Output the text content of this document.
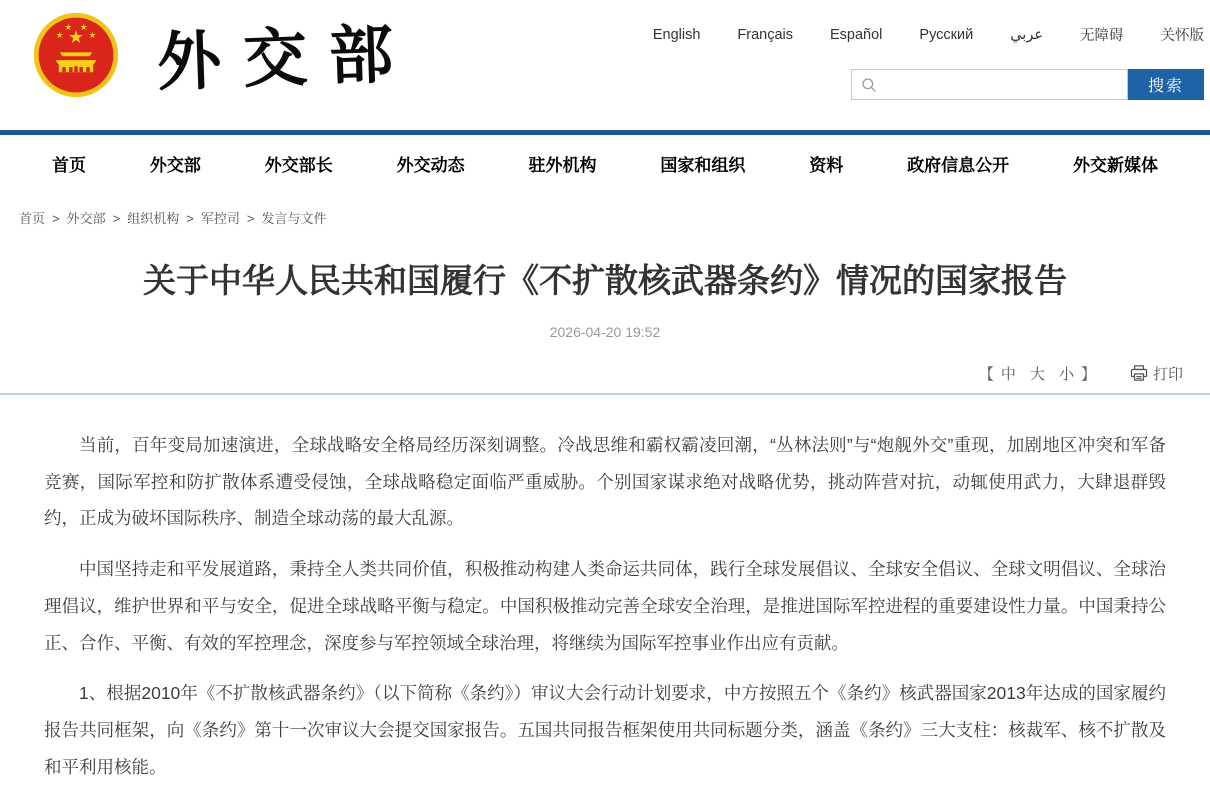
★
★
★ ★
★ 外交部	English	Français	Español	Русский	عربي	无障碍	关怀版
搜索
首页	外交部	外交部长	外交动态	驻外机构	国家和组织	资料	政府信息公开	外交新媒体
首页 > 外交部 > 组织机构 > 军控司 > 发言与文件
关于中华人民共和国履行《不扩散核武器条约》情况的国家报告
2026-04-20 19:52
【 中 大 小 】	打印

当前，百年变局加速演进，全球战略安全格局经历深刻调整。冷战思维和霸权霸凌回潮，“丛林法则”与“炮舰外交”重现，加剧地区冲突和军备竞赛，国际军控和防扩散体系遭受侵蚀，全球战略稳定面临严重威胁。个别国家谋求绝对战略优势，挑动阵营对抗，动辄使用武力，大肆退群毁约，正成为破坏国际秩序、制造全球动荡的最大乱源。

中国坚持走和平发展道路，秉持全人类共同价值，积极推动构建人类命运共同体，践行全球发展倡议、全球安全倡议、全球文明倡议、全球治理倡议，维护世界和平与安全，促进全球战略平衡与稳定。中国积极推动完善全球安全治理，是推进国际军控进程的重要建设性力量。中国秉持公正、合作、平衡、有效的军控理念，深度参与军控领域全球治理，将继续为国际军控事业作出应有贡献。

1、根据2010年《不扩散核武器条约》（以下简称《条约》）审议大会行动计划要求，中方按照五个《条约》核武器国家2013年达成的国家履约报告共同框架，向《条约》第十一次审议大会提交国家报告。五国共同报告框架使用共同标题分类，涵盖《条约》三大支柱：核裁军、核不扩散及和平利用核能。
